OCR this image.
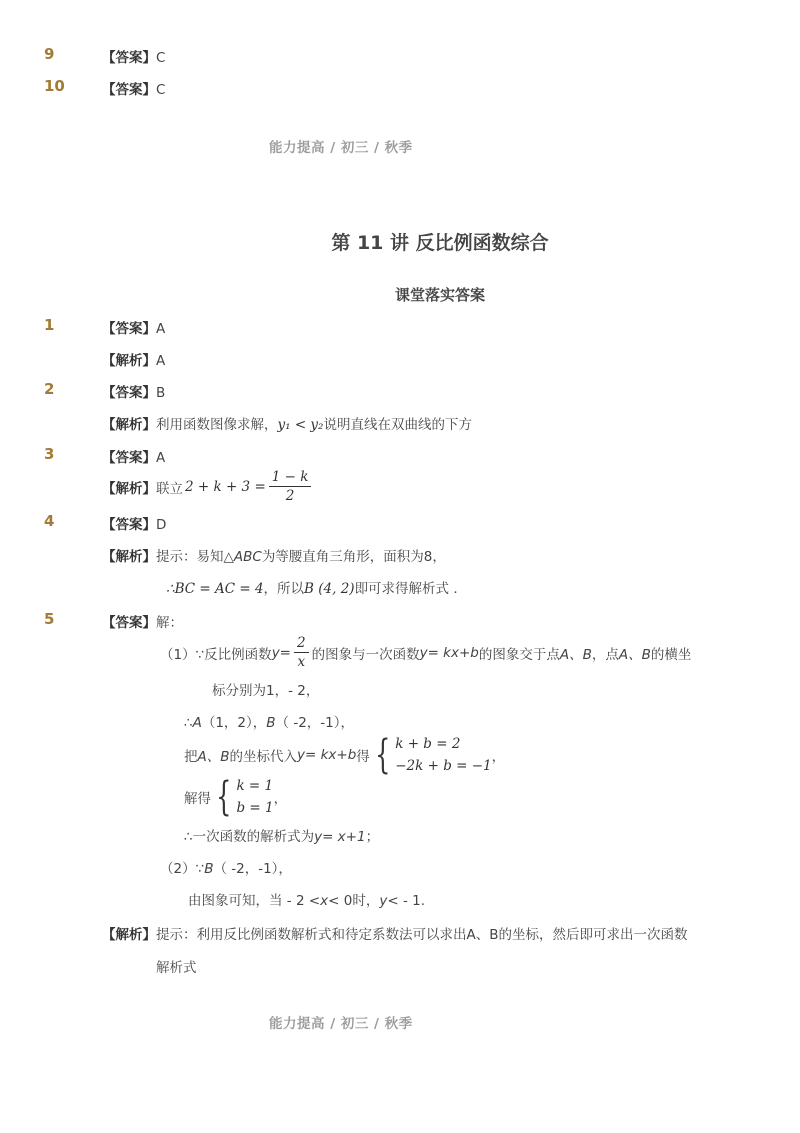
9	【答案】C
10	【答案】C
能力提高 / 初三 / 秋季
第 11 讲 反比例函数综合
课堂落实答案
1	【答案】A
【解析】A
2	【答案】B
【解析】利用函数图像求解，y₁ < y₂说明直线在双曲线的下方
3	【答案】A
【解析】 联立 $2 + k + 3 = \frac{1 - k}{2}$
4	【答案】D
【解析】提示：易知△ABC为等腰直角三角形，面积为8，
∴BC = AC = 4，所以B (4, 2)即可求得解析式 .
5	【答案】解：
（1）∵反比例函数 $y= \frac{2}{x}$ 的图象与一次函数 y= kx+b 的图象交于点 A、B ，点 A、B 的横坐
标分别为1，- 2，
∴A（1，2），B（ -2，-1），
把 A、B 的坐标代入 y= kx+b 得 { k + b = 2
−2k + b = −1
，
解得 { k = 1
b = 1
，
∴一次函数的解析式为y= x+1；
（2）∵B（ -2，-1），
由图象可知，当 - 2 <x< 0时，y< - 1.
【解析】提示：利用反比例函数解析式和待定系数法可以求出A、B的坐标，然后即可求出一次函数
解析式
能力提高 / 初三 / 秋季
